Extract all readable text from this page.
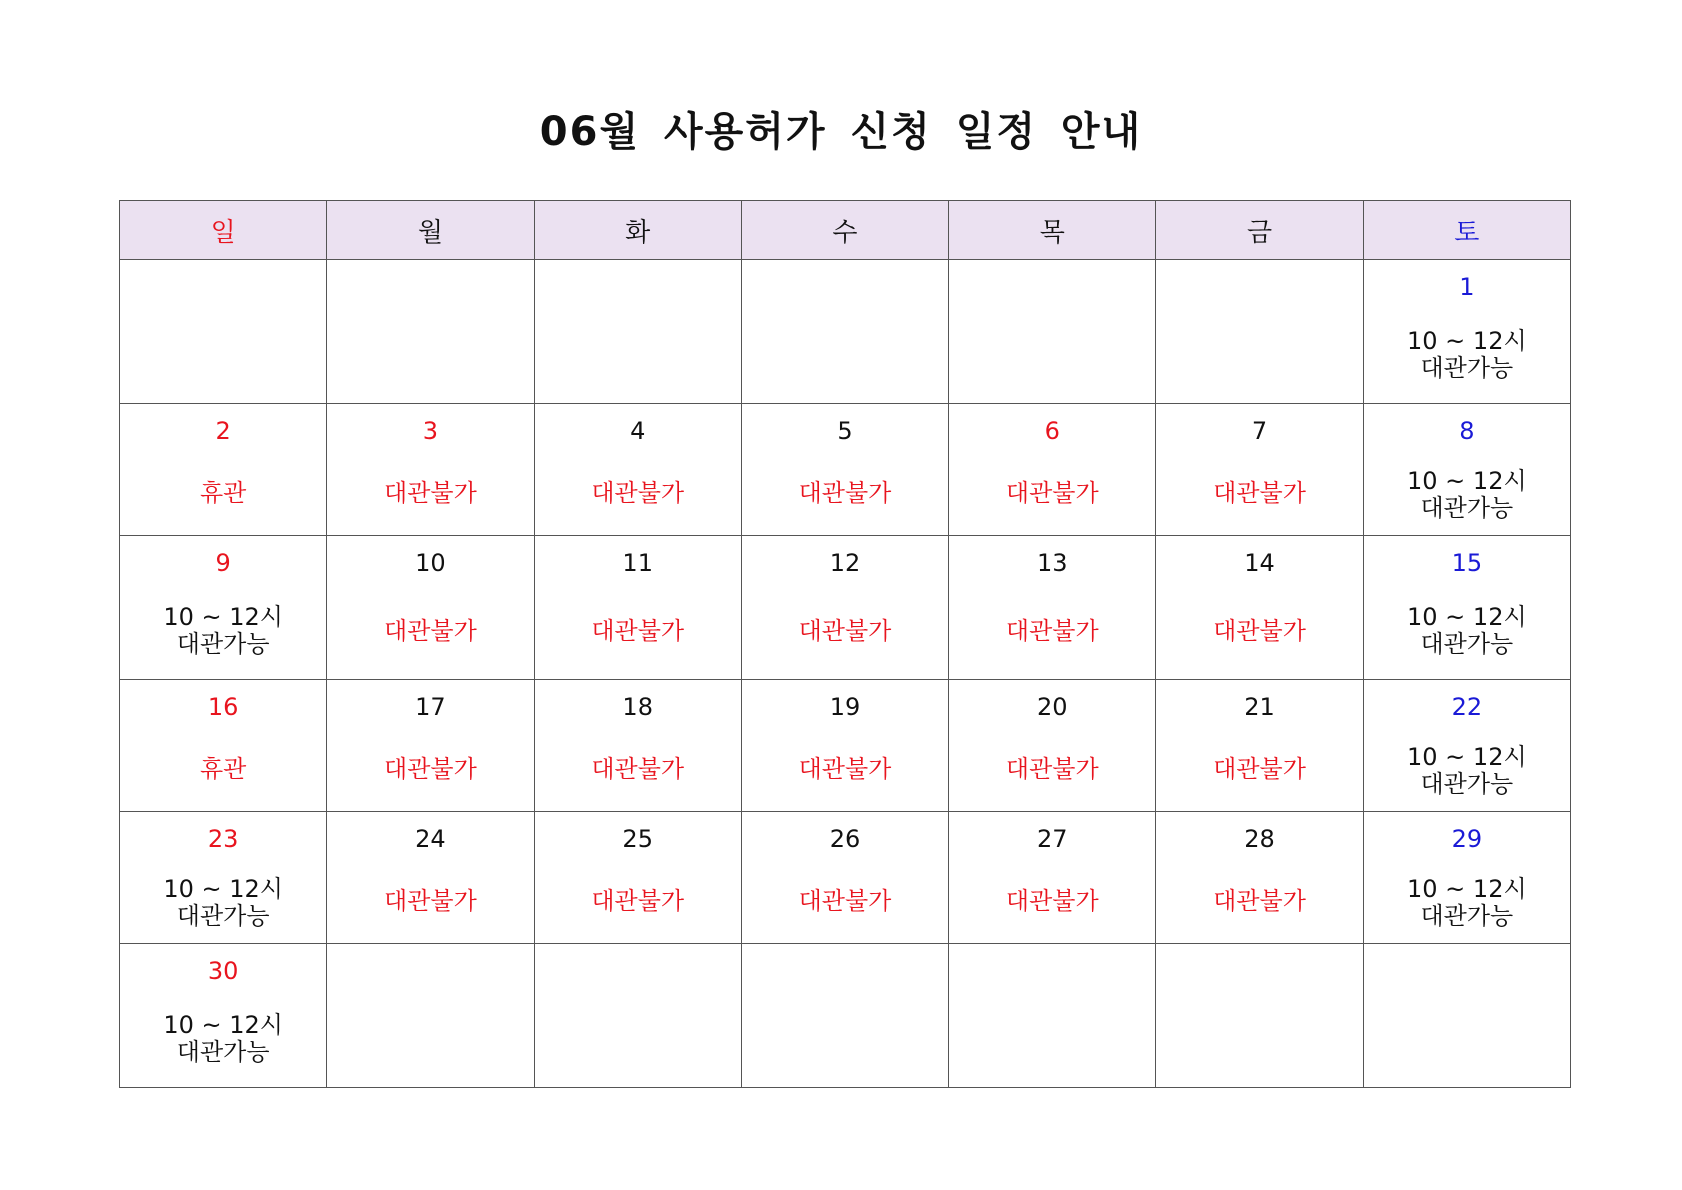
06월 사용허가 신청 일정 안내
일	월	화	수	목	금	토

						1
10 ~ 12시
대관가능

2
휴관	3
대관불가	4
대관불가	5
대관불가	6
대관불가	7
대관불가	8
10 ~ 12시
대관가능

9
10 ~ 12시
대관가능	10
대관불가	11
대관불가	12
대관불가	13
대관불가	14
대관불가	15
10 ~ 12시
대관가능

16
휴관	17
대관불가	18
대관불가	19
대관불가	20
대관불가	21
대관불가	22
10 ~ 12시
대관가능

23
10 ~ 12시
대관가능	24
대관불가	25
대관불가	26
대관불가	27
대관불가	28
대관불가	29
10 ~ 12시
대관가능

30
10 ~ 12시
대관가능						
